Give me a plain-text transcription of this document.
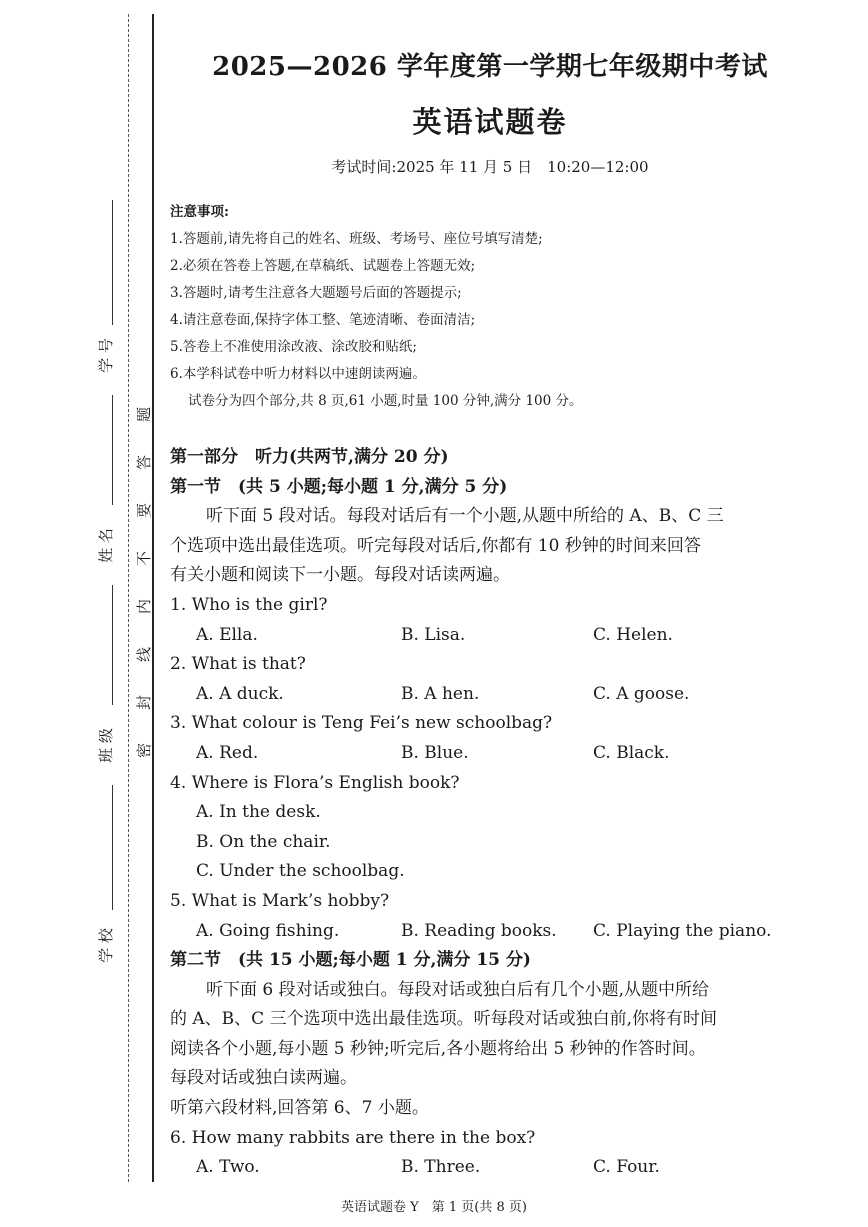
学 号
姓 名
班 级
学 校
题
答
要
不
内
线
封
密
2025—2026 学年度第一学期七年级期中考试
英语试题卷
考试时间:2025 年 11 月 5 日　10:20—12:00
注意事项:
1.答题前,请先将自己的姓名、班级、考场号、座位号填写清楚;
2.必须在答卷上答题,在草稿纸、试题卷上答题无效;
3.答题时,请考生注意各大题题号后面的答题提示;
4.请注意卷面,保持字体工整、笔迹清晰、卷面清洁;
5.答卷上不准使用涂改液、涂改胶和贴纸;
6.本学科试卷中听力材料以中速朗读两遍。
试卷分为四个部分,共 8 页,61 小题,时量 100 分钟,满分 100 分。
第一部分　听力(共两节,满分 20 分)
第一节　(共 5 小题;每小题 1 分,满分 5 分)
听下面 5 段对话。每段对话后有一个小题,从题中所给的 A、B、C 三
个选项中选出最佳选项。听完每段对话后,你都有 10 秒钟的时间来回答
有关小题和阅读下一小题。每段对话读两遍。
1. Who is the girl?
A. Ella.	B. Lisa.	C. Helen.
2. What is that?
A. A duck.	B. A hen.	C. A goose.
3. What colour is Teng Fei’s new schoolbag?
A. Red.	B. Blue.	C. Black.
4. Where is Flora’s English book?
A. In the desk.
B. On the chair.
C. Under the schoolbag.
5. What is Mark’s hobby?
A. Going fishing.	B. Reading books. C. Playing the piano.
第二节　(共 15 小题;每小题 1 分,满分 15 分)
听下面 6 段对话或独白。每段对话或独白后有几个小题,从题中所给
的 A、B、C 三个选项中选出最佳选项。听每段对话或独白前,你将有时间
阅读各个小题,每小题 5 秒钟;听完后,各小题将给出 5 秒钟的作答时间。
每段对话或独白读两遍。
听第六段材料,回答第 6、7 小题。
6. How many rabbits are there in the box?
A. Two.	B. Three.	C. Four.
英语试题卷 Y　第 1 页(共 8 页)
